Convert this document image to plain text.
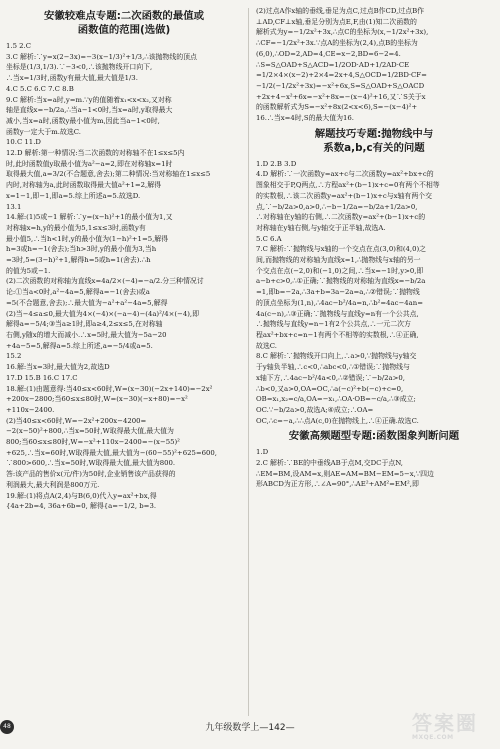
安徽较难点专题:二次函数的最值或
函数值的范围(选做)
1.5 2.C
3.C 解析:∵y=x(2−3x)=−3(x−1/3)²+1/3,∴该抛物线的顶点
坐标是(1/3,1/3).∵−3<0,∴该抛物线开口向下,
∴当x=1/3时,函数y有最大值,最大值是1/3.
4.C 5.C 6.C 7.C 8.B
9.C 解析:当x=a时,y=m.∵y的值随着x₁<x<x₂,又对称
轴是直线x=−b/2a,∴当a−1<0时,当x=a时,y取得最大
减小,当x=a时,函数y最小值为m,因此当a−1<0时,
函数y一定大于m.故选C.
10.C 11.D
12.D 解析:第一种情况:当二次函数的对称轴不在1≤x≤5内
时,此时函数值y取最小值为a²−a=2,即在对称轴x=1时
取得最大值,a=3/2(不合题意,舍去);第二种情况:当对称轴在1≤x≤5
内时,对称轴为a,此时函数取得最大值a²+1=2,解得
x=1−1,即−1,即a=5.综上所述a=5.故选D.
13.1
14.解:(1)5或−1 解析:∵y=(x−h)²+1的最小值为1,又
对称轴x=h,y的最小值为5,1≤x≤3时,函数y有
最小值5,∴当h<1时,y的最小值为(1−h)²+1=5,解得
h=3或h=−1(舍去);当h>3时,y的最小值为3,当h
=3时,5=(3−h)²+1,解得h=5或h=1(舍去).∴h
的值为5或−1.
(2)二次函数的对称轴为直线x=4a/2×(−4)=−a/2.分三种情况讨
论:①当a<0时,a²−4a=5,解得a=−1(舍去)或a
=5(不合题意,舍去);∴最大值为−a²+a²−4a=5,解得
(2)当−4≤a≤0,最大值为4×(−4)×(−a−4)−(4a)²/4×(−4),即
解得a=−5/4;③当a≥1时,即a≥4,2≤x≤5,在对称轴
右侧,y随x的增大而减小.∴x=5时,最大值为−5a−20
+4a−5=5,解得a=5.综上所述,a=−5/4或a=5.
15.2
16.解:当x=3时,最大值为2,故选D
17.D 15.B 16.C 17.C
18.解:(1)由题意得:当40≤x<60时,W=(x−30)(−2x+140)=−2x²
+200x−2800;当60≤x≤80时,W=(x−30)(−x+80)=−x²
+110x−2400.
(2)当40≤x<60时,W=−2x²+200x−4200=
−2(x−50)²+800,∴当x=50时,W取得最大值,最大值为
800;当60≤x≤80时,W=−x²+110x−2400=−(x−55)²
+625,∴当x=60时,W取得最大值,最大值为−(60−55)²+625=600,
∵800>600,∴当x=50时,W取得最大值,最大值为800.
答:该产品的售价x(元/件)为50时,企业销售该产品获得的
利润最大,最大利润是800万元.
19.解:(1)将点A(2,4)与B(6,0)代入y=ax²+bx,得
{4a+2b=4, 36a+6b=0, 解得{a=−1/2, b=3.
(2)过点A作x轴的垂线,垂足为点C,过点B作CD,过点B作
⊥AD,CF⊥x轴,垂足分别为点E,F,由(1)知二次函数的
解析式为y=−1/2x²+3x,∴点C的坐标为(x,−1/2x²+3x),
∴CF=−1/2x²+3x.∵点A的坐标为(2,4),点B的坐标为
(6,0),∴OD=2,AD=4,CE=x−2,BD=6−2=4.
∴S=S△OAD+S△ACD=1/2OD·AD+1/2AD·CE
=1/2×4×(x−2)+2×4=2x+4,S△OCD=1/2BD·CF=
−1/2(−1/2x²+3x)=−x²+6x,S=S△OAD+S△OACD
+2x+4−x²+6x=−x²+8x=−(x−4)²+16,又∵S关于x
的函数解析式为S=−x²+8x(2<x<6),S=−(x−4)²+
16.∴当x=4时,S的最大值为16.
解题技巧专题:抛物线中与
系数a,b,c有关的问题
1.D 2.B 3.D
4.D 解析:∵一次函数y=ax+c与二次函数y=ax²+bx+c的
图象相交于P,Q两点,∴方程ax²+(b−1)x+c=0有两个不相等
的实数根,∴该二次函数y=ax²+(b−1)x+c与x轴有两个交
点,∵−b/2a>0,a>0,∴−b−1/2a=−b/2a+1/2a>0,
∴对称轴在y轴的右侧,∴二次函数y=ax²+(b−1)x+c的
对称轴在y轴右侧,与y轴交于正半轴,故选A.
5.C 6.A
7.C 解析:∵抛物线与x轴的一个交点在点(3,0)和(4,0)之
间,而抛物线的对称轴为直线x=1,∴抛物线与x轴的另一
个交点在点(−2,0)和(−1,0)之间,∴当x=−1时,y>0,即
a−b+c>0,∴①正确;∵抛物线的对称轴为直线x=−b/2a
=1,即b=−2a,∴3a+b=3a−2a=a,∴②错误;∵抛物线
的顶点坐标为(1,n),∴4ac−b²/4a=n,∴b²=4ac−4an=
4a(c−n),∴③正确;∵抛物线与直线y=n有一个公共点,
∴抛物线与直线y=n−1有2个公共点,∴一元二次方
程ax²+bx+c=n−1有两个不相等的实数根,∴④正确,
故选C.
8.C 解析:∵抛物线开口向上,∴a>0,∵抛物线与y轴交
于y轴负半轴,∴c<0,∴abc<0,∴①错误;∵抛物线与
x轴下方,∴4ac−b²/4a<0,∴②错误;∵−b/2a>0,
∴b<0,又a>0,OA=OC,∴a(−c)²+b(−c)+c=0,
OB=x₁,x₂=c/a,OA=−x₁,∴OA·OB=−c/a,∴③成立;
OC.∵−b/2a>0,故选A;④成立;∴OA=
OC,∴c=−a,∴∴点A(c,0)在抛物线上,∴④正确.故选C.
安徽高频题型专题:函数图象判断问题
1.D
2.C 解析:∵BE的中垂线AB于点M,交DC于点N,
∴EM=BM,设AM=x,则AE=AM=BM−EM=5−x,∵四边
形ABCD为正方形,∴∠A=90°,∴AE²+AM²=EM²,即
48	九年级数学上—142—	答案圈
MXQE.COM
